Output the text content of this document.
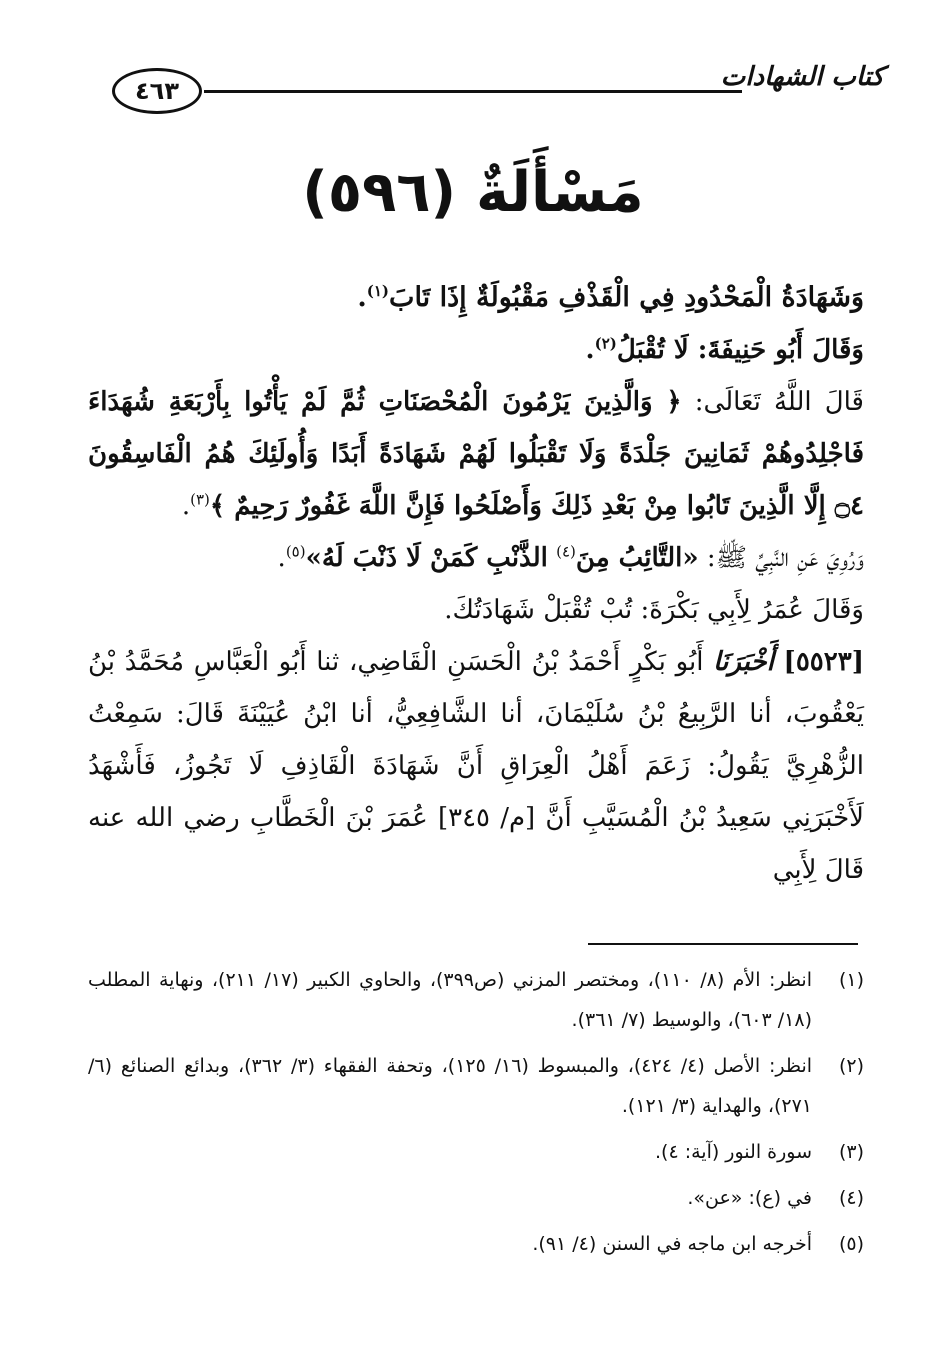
كتاب الشهادات
٤٦٣
مَسْأَلَةٌ(٥٩٦)

وَشَهَادَةُ الْمَحْدُودِ فِي الْقَذْفِ مَقْبُولَةٌ إِذَا تَابَ$^{(١)}$.

وَقَالَ أَبُو حَنِيفَةَ: لَا تُقْبَلُ$^{(٢)}$.

قَالَ اللَّهُ تَعَالَى: ﴿ وَالَّذِينَ يَرْمُونَ الْمُحْصَنَاتِ ثُمَّ لَمْ يَأْتُوا بِأَرْبَعَةِ شُهَدَاءَ فَاجْلِدُوهُمْ ثَمَانِينَ جَلْدَةً وَلَا تَقْبَلُوا لَهُمْ شَهَادَةً أَبَدًا وَأُولَئِكَ هُمُ الْفَاسِقُونَ ۝٤ إِلَّا الَّذِينَ تَابُوا مِنْ بَعْدِ ذَلِكَ وَأَصْلَحُوا فَإِنَّ اللَّهَ غَفُورٌ رَحِيمٌ ﴾$^{(٣)}$.

وَرُوِيَ عَنِ النَّبِيِّ ﷺ: «التَّائِبُ مِنَ$^{(٤)}$ الذَّنْبِ كَمَنْ لَا ذَنْبَ لَهُ»$^{(٥)}$.

وَقَالَ عُمَرُ لِأَبِي بَكْرَةَ: تُبْ تُقْبَلْ شَهَادَتُكَ.

[٥٥٢٣] أَخْبَرَنَا أَبُو بَكْرٍ أَحْمَدُ بْنُ الْحَسَنِ الْقَاضِي، ثنا أَبُو الْعَبَّاسِ مُحَمَّدُ بْنُ يَعْقُوبَ، أنا الرَّبِيعُ بْنُ سُلَيْمَانَ، أنا الشَّافِعِيُّ، أنا ابْنُ عُيَيْنَةَ قَالَ: سَمِعْتُ الزُّهْرِيَّ يَقُولُ: زَعَمَ أَهْلُ الْعِرَاقِ أَنَّ شَهَادَةَ الْقَاذِفِ لَا تَجُوزُ، فَأَشْهَدُ لَأَخْبَرَنِي سَعِيدُ بْنُ الْمُسَيَّبِ أَنَّ [م/ ٣٤٥] عُمَرَ بْنَ الْخَطَّابِ رضي الله عنه قَالَ لِأَبِي

(١)
انظر: الأم (٨/ ١١٠)، ومختصر المزني (ص٣٩٩)، والحاوي الكبير (١٧/ ٢١١)، ونهاية المطلب (١٨/ ٦٠٣)، والوسيط (٧/ ٣٦١).
(٢)
انظر: الأصل (٤/ ٤٢٤)، والمبسوط (١٦/ ١٢٥)، وتحفة الفقهاء (٣/ ٣٦٢)، وبدائع الصنائع (٦/ ٢٧١)، والهداية (٣/ ١٢١).
(٣)
سورة النور (آية: ٤).
(٤)
في (ع): «عن».
(٥)
أخرجه ابن ماجه في السنن (٤/ ٩١).
